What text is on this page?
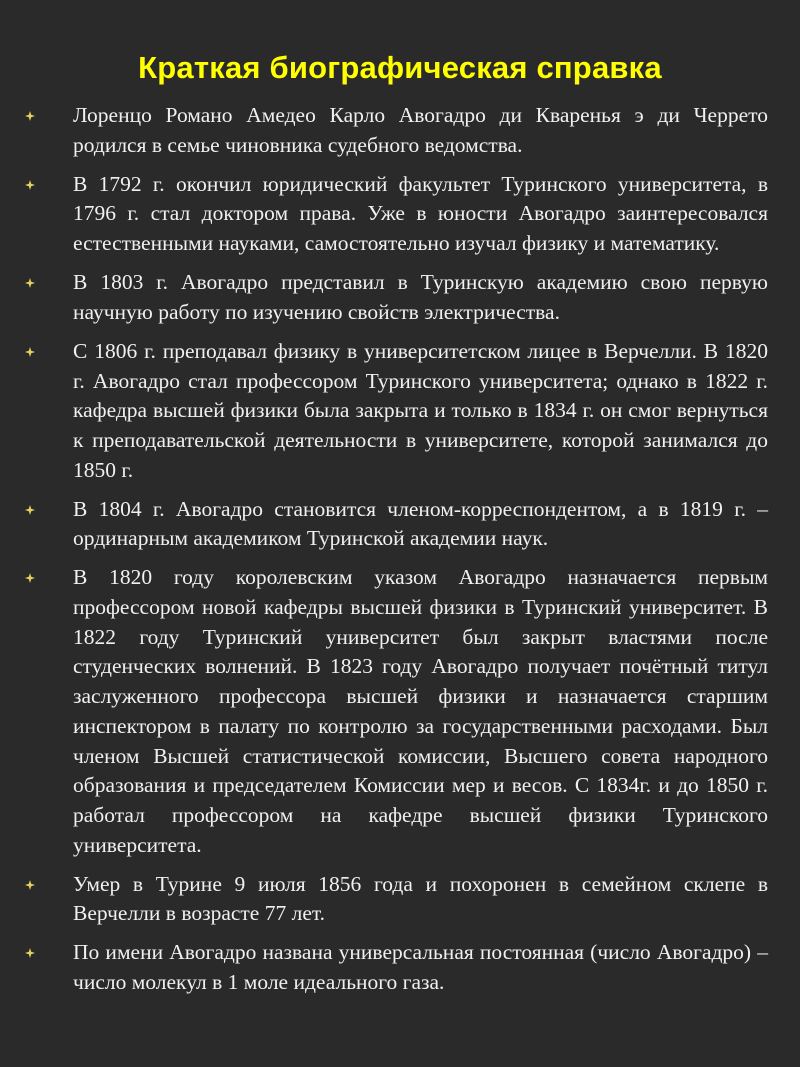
Краткая биографическая справка
Лоренцо Романо Амедео Карло Авогадро ди Кваренья э ди Черрето родился в семье чиновника судебного ведомства.
В 1792 г. окончил юридический факультет Туринского университета, в 1796 г. стал доктором права. Уже в юности Авогадро заинтересовался естественными науками, самостоятельно изучал физику и математику.
В 1803 г. Авогадро представил в Туринскую академию свою первую научную работу по изучению свойств электричества.
С 1806 г. преподавал физику в университетском лицее в Верчелли. В 1820 г. Авогадро стал профессором Туринского университета; однако в 1822 г. кафедра высшей физики была закрыта и только в 1834 г. он смог вернуться к преподавательской деятельности в университете, которой занимался до 1850 г.
В 1804 г. Авогадро становится членом-корреспондентом, а в 1819 г. – ординарным академиком Туринской академии наук.
В 1820 году королевским указом Авогадро назначается первым профессором новой кафедры высшей физики в Туринский университет. В 1822 году Туринский университет был закрыт властями после студенческих волнений. В 1823 году Авогадро получает почётный титул заслуженного профессора высшей физики и назначается старшим инспектором в палату по контролю за государственными расходами. Был членом Высшей статистической комиссии, Высшего совета народного образования и председателем Комиссии мер и весов. С 1834г. и до 1850 г. работал профессором на кафедре высшей физики Туринского университета.
Умер в Турине 9 июля 1856 года и похоронен в семейном склепе в Верчелли в возрасте 77 лет.
По имени Авогадро названа универсальная постоянная (число Авогадро) – число молекул в 1 моле идеального газа.
